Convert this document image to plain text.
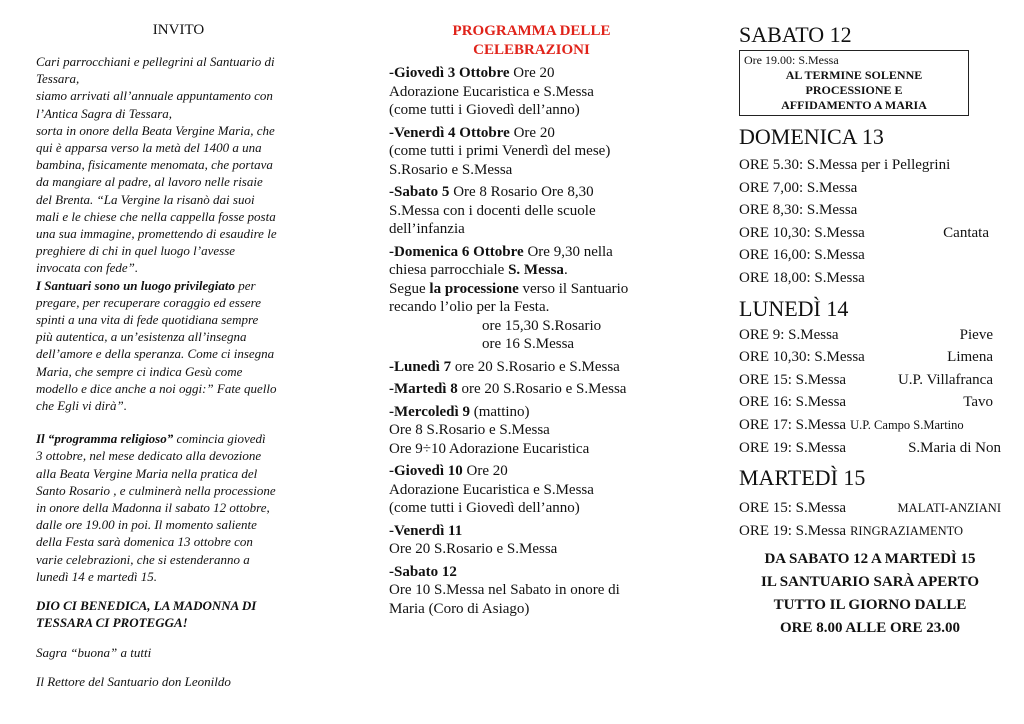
INVITO
Cari parrocchiani e pellegrini al Santuario di
Tessara,
siamo arrivati all’annuale appuntamento con
l’Antica Sagra di Tessara,
sorta in onore della Beata Vergine Maria, che
qui è apparsa verso la metà del 1400 a una
bambina, fisicamente menomata, che portava
da mangiare al padre, al lavoro nelle risaie
del Brenta. “La Vergine la risanò dai suoi
mali e le chiese che nella cappella fosse posta
una sua immagine, promettendo di esaudire le
preghiere di chi in quel luogo l’avesse
invocata con fede”.
I Santuari sono un luogo privilegiato per
pregare, per recuperare coraggio ed essere
spinti a una vita di fede quotidiana sempre
più autentica, a un’esistenza all’insegna
dell’amore e della speranza. Come ci insegna
Maria, che sempre ci indica Gesù come
modello e dice anche a noi oggi:” Fate quello
che Egli vi dirà”.
Il “programma religioso” comincia giovedì
3 ottobre, nel mese dedicato alla devozione
alla Beata Vergine Maria nella pratica del
Santo Rosario , e culminerà nella processione
in onore della Madonna il sabato 12 ottobre,
dalle ore 19.00 in poi. Il momento saliente
della Festa sarà domenica 13 ottobre con
varie celebrazioni, che si estenderanno a
lunedì 14 e martedì 15.
DIO CI BENEDICA, LA MADONNA DI
TESSARA CI PROTEGGA!
Sagra “buona” a tutti
Il Rettore del Santuario don Leonildo
PROGRAMMA DELLE
CELEBRAZIONI
-Giovedì 3 Ottobre Ore 20
Adorazione Eucaristica e S.Messa
(come tutti i Giovedì dell’anno)
-Venerdì 4 Ottobre Ore 20
(come tutti i primi Venerdì del mese)
S.Rosario e S.Messa
-Sabato 5 Ore 8 Rosario Ore 8,30
S.Messa con i docenti delle scuole
dell’infanzia
-Domenica 6 Ottobre Ore 9,30 nella
chiesa parrocchiale S. Messa.
Segue la processione verso il Santuario
recando l’olio per la Festa.
ore 15,30 S.Rosario
ore 16 S.Messa
-Lunedì 7 ore 20 S.Rosario e S.Messa
-Martedì 8 ore 20 S.Rosario e S.Messa
-Mercoledì 9 (mattino)
Ore 8 S.Rosario e S.Messa
Ore 9÷10 Adorazione Eucaristica
-Giovedì 10 Ore 20
Adorazione Eucaristica e S.Messa
(come tutti i Giovedì dell’anno)
-Venerdì 11
Ore 20 S.Rosario e S.Messa
-Sabato 12
Ore 10 S.Messa nel Sabato in onore di
Maria (Coro di Asiago)
SABATO 12
Ore 19.00: S.Messa
AL TERMINE SOLENNE
PROCESSIONE E
AFFIDAMENTO A MARIA
DOMENICA 13
ORE 5.30: S.Messa per i Pellegrini
ORE 7,00: S.Messa
ORE 8,30: S.Messa
ORE 10,30: S.Messa	Cantata
ORE 16,00: S.Messa
ORE 18,00: S.Messa
LUNEDÌ 14
ORE 9: S.Messa	Pieve
ORE 10,30: S.Messa	Limena
ORE 15: S.Messa	U.P. Villafranca
ORE 16: S.Messa	Tavo
ORE 17: S.Messa U.P. Campo S.Martino
ORE 19: S.Messa	S.Maria di Non
MARTEDÌ 15
ORE 15: S.Messa	MALATI-ANZIANI
ORE 19: S.Messa RINGRAZIAMENTO
DA SABATO 12 A MARTEDÌ 15
IL SANTUARIO SARÀ APERTO
TUTTO IL GIORNO DALLE
ORE 8.00 ALLE ORE 23.00
